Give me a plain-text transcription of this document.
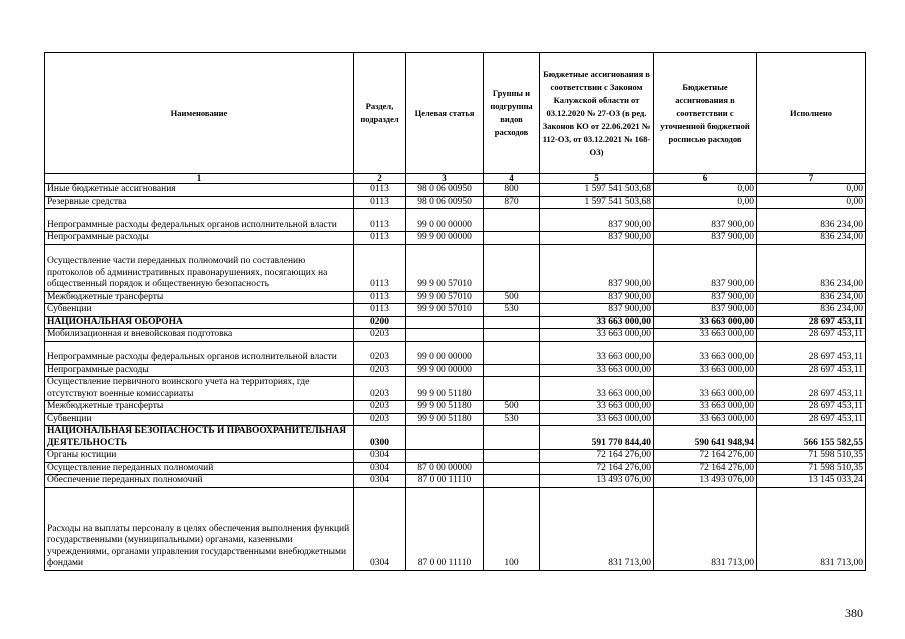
Наименование	Раздел, подраздел	Целевая статья	Группы и подгруппы видов расходов	Бюджетные ассигнования в соответствии с Законом Калужской области от 03.12.2020 № 27-ОЗ (в ред. Законов КО от 22.06.2021 № 112-ОЗ, от 03.12.2021 № 168-ОЗ)	Бюджетные ассигнования в соответствии с уточненной бюджетной росписью расходов	Исполнено
1	2	3	4	5	6	7
Иные бюджетные ассигнования	0113	98 0 06 00950	800	1 597 541 503,68	0,00	0,00
Резервные средства	0113	98 0 06 00950	870	1 597 541 503,68	0,00	0,00
Непрограммные расходы федеральных органов исполнительной власти	0113	99 0 00 00000		837 900,00	837 900,00	836 234,00
Непрограммные расходы	0113	99 9 00 00000		837 900,00	837 900,00	836 234,00
Осуществление части переданных полномочий по составлению протоколов об административных правонарушениях, посягающих на общественный порядок и общественную безопасность	0113	99 9 00 57010		837 900,00	837 900,00	836 234,00
Межбюджетные трансферты	0113	99 9 00 57010	500	837 900,00	837 900,00	836 234,00
Субвенции	0113	99 9 00 57010	530	837 900,00	837 900,00	836 234,00
НАЦИОНАЛЬНАЯ ОБОРОНА	0200			33 663 000,00	33 663 000,00	28 697 453,11
Мобилизационная и вневойсковая подготовка	0203			33 663 000,00	33 663 000,00	28 697 453,11
Непрограммные расходы федеральных органов исполнительной власти	0203	99 0 00 00000		33 663 000,00	33 663 000,00	28 697 453,11
Непрограммные расходы	0203	99 9 00 00000		33 663 000,00	33 663 000,00	28 697 453,11
Осуществление первичного воинского учета на территориях, где отсутствуют военные комиссариаты	0203	99 9 00 51180		33 663 000,00	33 663 000,00	28 697 453,11
Межбюджетные трансферты	0203	99 9 00 51180	500	33 663 000,00	33 663 000,00	28 697 453,11
Субвенции	0203	99 9 00 51180	530	33 663 000,00	33 663 000,00	28 697 453,11
НАЦИОНАЛЬНАЯ БЕЗОПАСНОСТЬ И ПРАВООХРАНИТЕЛЬНАЯ ДЕЯТЕЛЬНОСТЬ	0300			591 770 844,40	590 641 948,94	566 155 582,55
Органы юстиции	0304			72 164 276,00	72 164 276,00	71 598 510,35
Осуществление переданных полномочий	0304	87 0 00 00000		72 164 276,00	72 164 276,00	71 598 510,35
Обеспечение переданных полномочий	0304	87 0 00 11110		13 493 076,00	13 493 076,00	13 145 033,24
Расходы на выплаты персоналу в целях обеспечения выполнения функций государственными (муниципальными) органами, казенными учреждениями, органами управления государственными внебюджетными фондами	0304	87 0 00 11110	100	831 713,00	831 713,00	831 713,00
380
